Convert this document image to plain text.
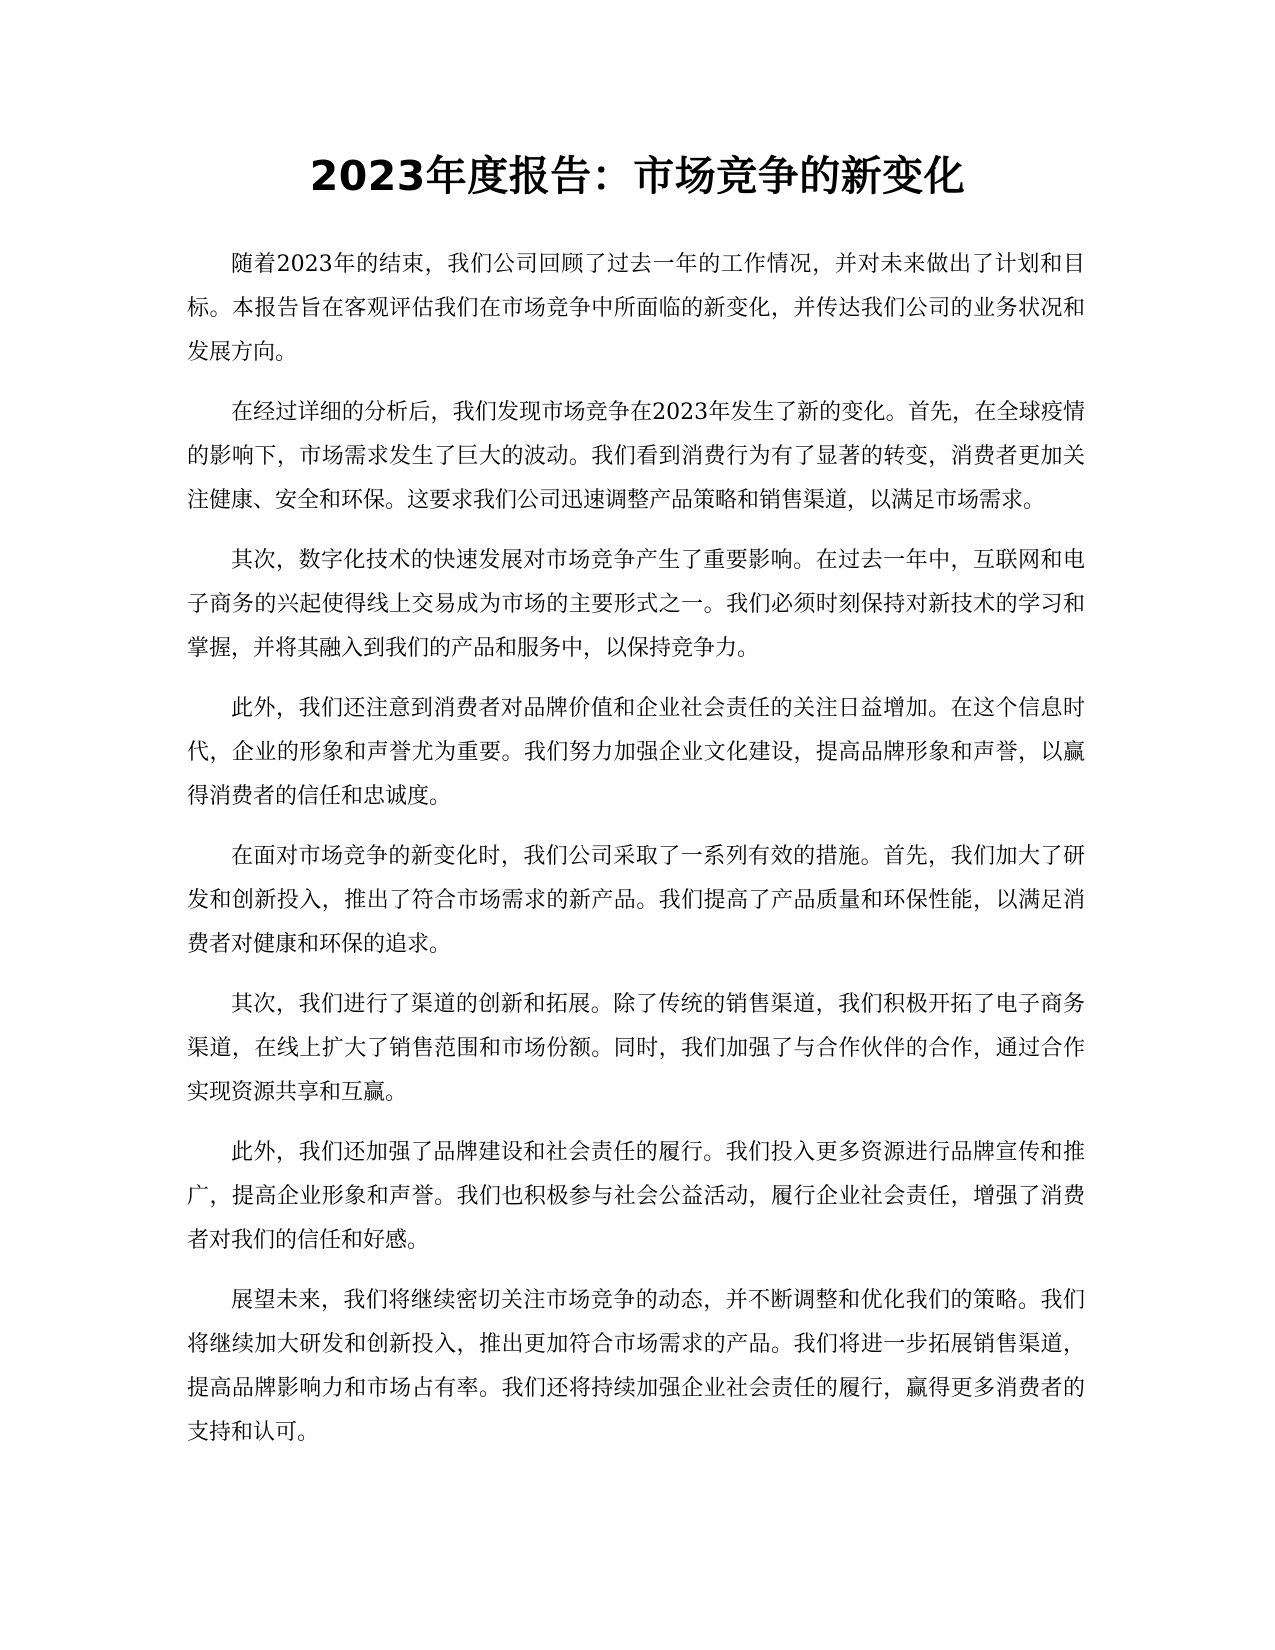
2023年度报告：市场竞争的新变化

随着2023年的结束，我们公司回顾了过去一年的工作情况，并对未来做出了计划和目标。本报告旨在客观评估我们在市场竞争中所面临的新变化，并传达我们公司的业务状况和发展方向。

在经过详细的分析后，我们发现市场竞争在2023年发生了新的变化。首先，在全球疫情的影响下，市场需求发生了巨大的波动。我们看到消费行为有了显著的转变，消费者更加关注健康、安全和环保。这要求我们公司迅速调整产品策略和销售渠道，以满足市场需求。

其次，数字化技术的快速发展对市场竞争产生了重要影响。在过去一年中，互联网和电子商务的兴起使得线上交易成为市场的主要形式之一。我们必须时刻保持对新技术的学习和掌握，并将其融入到我们的产品和服务中，以保持竞争力。

此外，我们还注意到消费者对品牌价值和企业社会责任的关注日益增加。在这个信息时代，企业的形象和声誉尤为重要。我们努力加强企业文化建设，提高品牌形象和声誉，以赢得消费者的信任和忠诚度。

在面对市场竞争的新变化时，我们公司采取了一系列有效的措施。首先，我们加大了研发和创新投入，推出了符合市场需求的新产品。我们提高了产品质量和环保性能，以满足消费者对健康和环保的追求。

其次，我们进行了渠道的创新和拓展。除了传统的销售渠道，我们积极开拓了电子商务渠道，在线上扩大了销售范围和市场份额。同时，我们加强了与合作伙伴的合作，通过合作实现资源共享和互赢。

此外，我们还加强了品牌建设和社会责任的履行。我们投入更多资源进行品牌宣传和推广，提高企业形象和声誉。我们也积极参与社会公益活动，履行企业社会责任，增强了消费者对我们的信任和好感。

展望未来，我们将继续密切关注市场竞争的动态，并不断调整和优化我们的策略。我们将继续加大研发和创新投入，推出更加符合市场需求的产品。我们将进一步拓展销售渠道，提高品牌影响力和市场占有率。我们还将持续加强企业社会责任的履行，赢得更多消费者的支持和认可。
